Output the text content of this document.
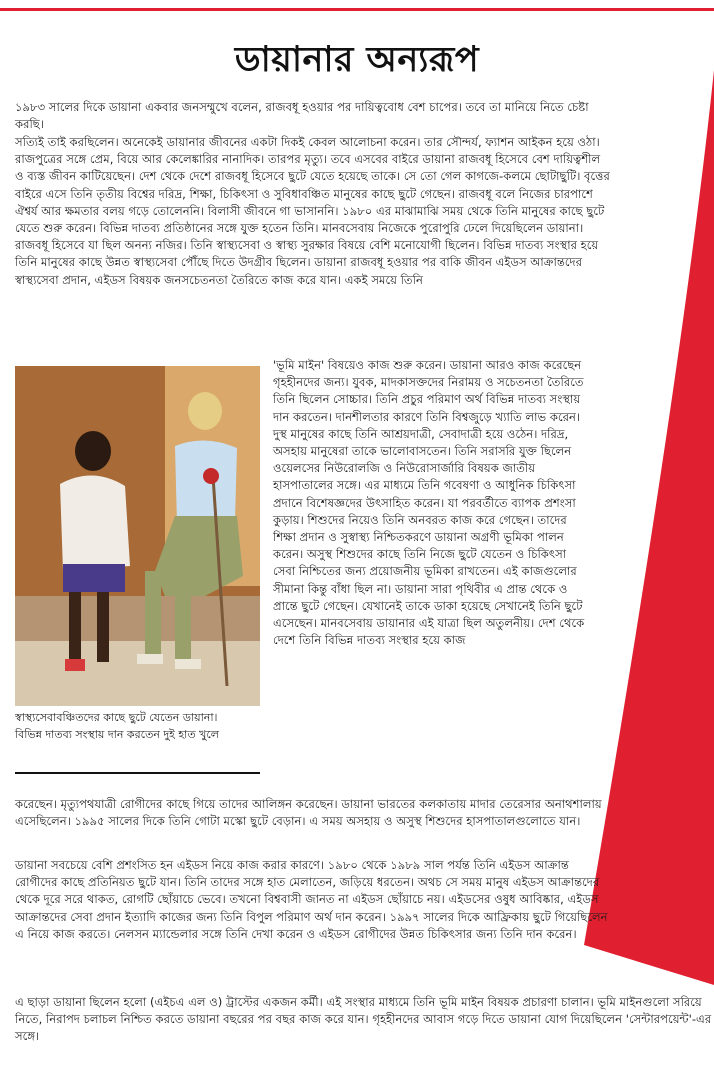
ডায়ানার অন্যরূপ

১৯৮৩ সালের দিকে ডায়ানা একবার জনসম্মুখে বলেন, রাজবধূ হওয়ার পর দায়িত্ববোধ বেশ চাপের। তবে তা মানিয়ে নিতে চেষ্টা করছি।

সত্যিই তাই করছিলেন। অনেকেই ডায়ানার জীবনের একটা দিকই কেবল আলোচনা করেন। তার সৌন্দর্য, ফ্যাশন আইকন হয়ে ওঠা। রাজপুত্রের সঙ্গে প্রেম, বিয়ে আর কেলেঙ্কারির নানাদিক। তারপর মৃত্যু। তবে এসবের বাইরে ডায়ানা রাজবধূ হিসেবে বেশ দায়িত্বশীল ও ব্যস্ত জীবন কাটিয়েছেন। দেশ থেকে দেশে রাজবধূ হিসেবে ছুটে যেতে হয়েছে তাকে। সে তো গেল কাগজে-কলমে ছোটাছুটি। বৃত্তের বাইরে এসে তিনি তৃতীয় বিশ্বের দরিদ্র, শিক্ষা, চিকিৎসা ও সুবিধাবঞ্চিত মানুষের কাছে ছুটে গেছেন। রাজবধূ বলে নিজের চারপাশে ঐশ্বর্য আর ক্ষমতার বলয় গড়ে তোলেননি। বিলাসী জীবনে গা ভাসাননি। ১৯৮০ এর মাঝামাঝি সময় থেকে তিনি মানুষের কাছে ছুটে যেতে শুরু করেন। বিভিন্ন দাতব্য প্রতিষ্ঠানের সঙ্গে যুক্ত হতেন তিনি। মানবসেবায় নিজেকে পুরোপুরি ঢেলে দিয়েছিলেন ডায়ানা। রাজবধূ হিসেবে যা ছিল অনন্য নজির। তিনি স্বাস্থ্যসেবা ও স্বাস্থ্য সুরক্ষার বিষয়ে বেশি মনোযোগী ছিলেন। বিভিন্ন দাতব্য সংস্থার হয়ে তিনি মানুষের কাছে উন্নত স্বাস্থ্যসেবা পৌঁছে দিতে উদগ্রীব ছিলেন। ডায়ানা রাজবধূ হওয়ার পর বাকি জীবন এইডস আক্রান্তদের স্বাস্থ্যসেবা প্রদান, এইডস বিষয়ক জনসচেতনতা তৈরিতে কাজ করে যান। একই সময়ে তিনি

'ভূমি মাইন' বিষয়েও কাজ শুরু করেন। ডায়ানা আরও কাজ করেছেন গৃহহীনদের জন্য। যুবক, মাদকাসক্তদের নিরাময় ও সচেতনতা তৈরিতে তিনি ছিলেন সোচ্চার। তিনি প্রচুর পরিমাণ অর্থ বিভিন্ন দাতব্য সংস্থায় দান করতেন। দানশীলতার কারণে তিনি বিশ্বজুড়ে খ্যাতি লাভ করেন। দুস্থ মানুষের কাছে তিনি আশ্রয়দাত্রী, সেবাদাত্রী হয়ে ওঠেন। দরিদ্র, অসহায় মানুষেরা তাকে ভালোবাসতেন। তিনি সরাসরি যুক্ত ছিলেন ওয়েলসের নিউরোলজি ও নিউরোসার্জারি বিষয়ক জাতীয় হাসপাতালের সঙ্গে। এর মাধ্যমে তিনি গবেষণা ও আধুনিক চিকিৎসা প্রদানে বিশেষজ্ঞদের উৎসাহিত করেন। যা পরবর্তীতে ব্যাপক প্রশংসা কুড়ায়। শিশুদের নিয়েও তিনি অনবরত কাজ করে গেছেন। তাদের শিক্ষা প্রদান ও সুস্বাস্থ্য নিশ্চিতকরণে ডায়ানা অগ্রণী ভূমিকা পালন করেন। অসুস্থ শিশুদের কাছে তিনি নিজে ছুটে যেতেন ও চিকিৎসা সেবা নিশ্চিতের জন্য প্রয়োজনীয় ভূমিকা রাখতেন। এই কাজগুলোর সীমানা কিন্তু বাঁধা ছিল না। ডায়ানা সারা পৃথিবীর এ প্রান্ত থেকে ও প্রান্তে ছুটে গেছেন। যেখানেই তাকে ডাকা হয়েছে সেখানেই তিনি ছুটে এসেছেন। মানবসেবায় ডায়ানার এই যাত্রা ছিল অতুলনীয়। দেশ থেকে দেশে তিনি বিভিন্ন দাতব্য সংস্থার হয়ে কাজ

স্বাস্থ্যসেবাবঞ্চিতদের কাছে ছুটে যেতেন ডায়ানা।
বিভিন্ন দাতব্য সংস্থায় দান করতেন দুই হাত খুলে

করেছেন। মৃত্যুপথযাত্রী রোগীদের কাছে গিয়ে তাদের আলিঙ্গন করেছেন। ডায়ানা ভারতের কলকাতায় মাদার তেরেসার অনাথশালায় এসেছিলেন। ১৯৯৫ সালের দিকে তিনি গোটা মস্কো ছুটে বেড়ান। এ সময় অসহায় ও অসুস্থ শিশুদের হাসপাতালগুলোতে যান।

ডায়ানা সবচেয়ে বেশি প্রশংসিত হন এইডস নিয়ে কাজ করার কারণে। ১৯৮০ থেকে ১৯৮৯ সাল পর্যন্ত তিনি এইডস আক্রান্ত রোগীদের কাছে প্রতিনিয়ত ছুটে যান। তিনি তাদের সঙ্গে হাত মেলাতেন, জড়িয়ে ধরতেন। অথচ সে সময় মানুষ এইডস আক্রান্তদের থেকে দূরে সরে থাকত, রোগটি ছোঁয়াচে ভেবে। তখনো বিশ্ববাসী জানত না এইডস ছোঁয়াচে নয়। এইডসের ওষুধ আবিষ্কার, এইডস আক্রান্তদের সেবা প্রদান ইত্যাদি কাজের জন্য তিনি বিপুল পরিমাণ অর্থ দান করেন। ১৯৯৭ সালের দিকে আফ্রিকায় ছুটে গিয়েছিলেন এ নিয়ে কাজ করতে। নেলসন ম্যান্ডেলার সঙ্গে তিনি দেখা করেন ও এইডস রোগীদের উন্নত চিকিৎসার জন্য তিনি দান করেন।

এ ছাড়া ডায়ানা ছিলেন হলো (এইচএ এল ও) ট্রাস্টের একজন কর্মী। এই সংস্থার মাধ্যমে তিনি ভূমি মাইন বিষয়ক প্রচারণা চালান। ভূমি মাইনগুলো সরিয়ে নিতে, নিরাপদ চলাচল নিশ্চিত করতে ডায়ানা বছরের পর বছর কাজ করে যান। গৃহহীনদের আবাস গড়ে দিতে ডায়ানা যোগ দিয়েছিলেন 'সেন্টারপয়েন্ট'-এর সঙ্গে।
